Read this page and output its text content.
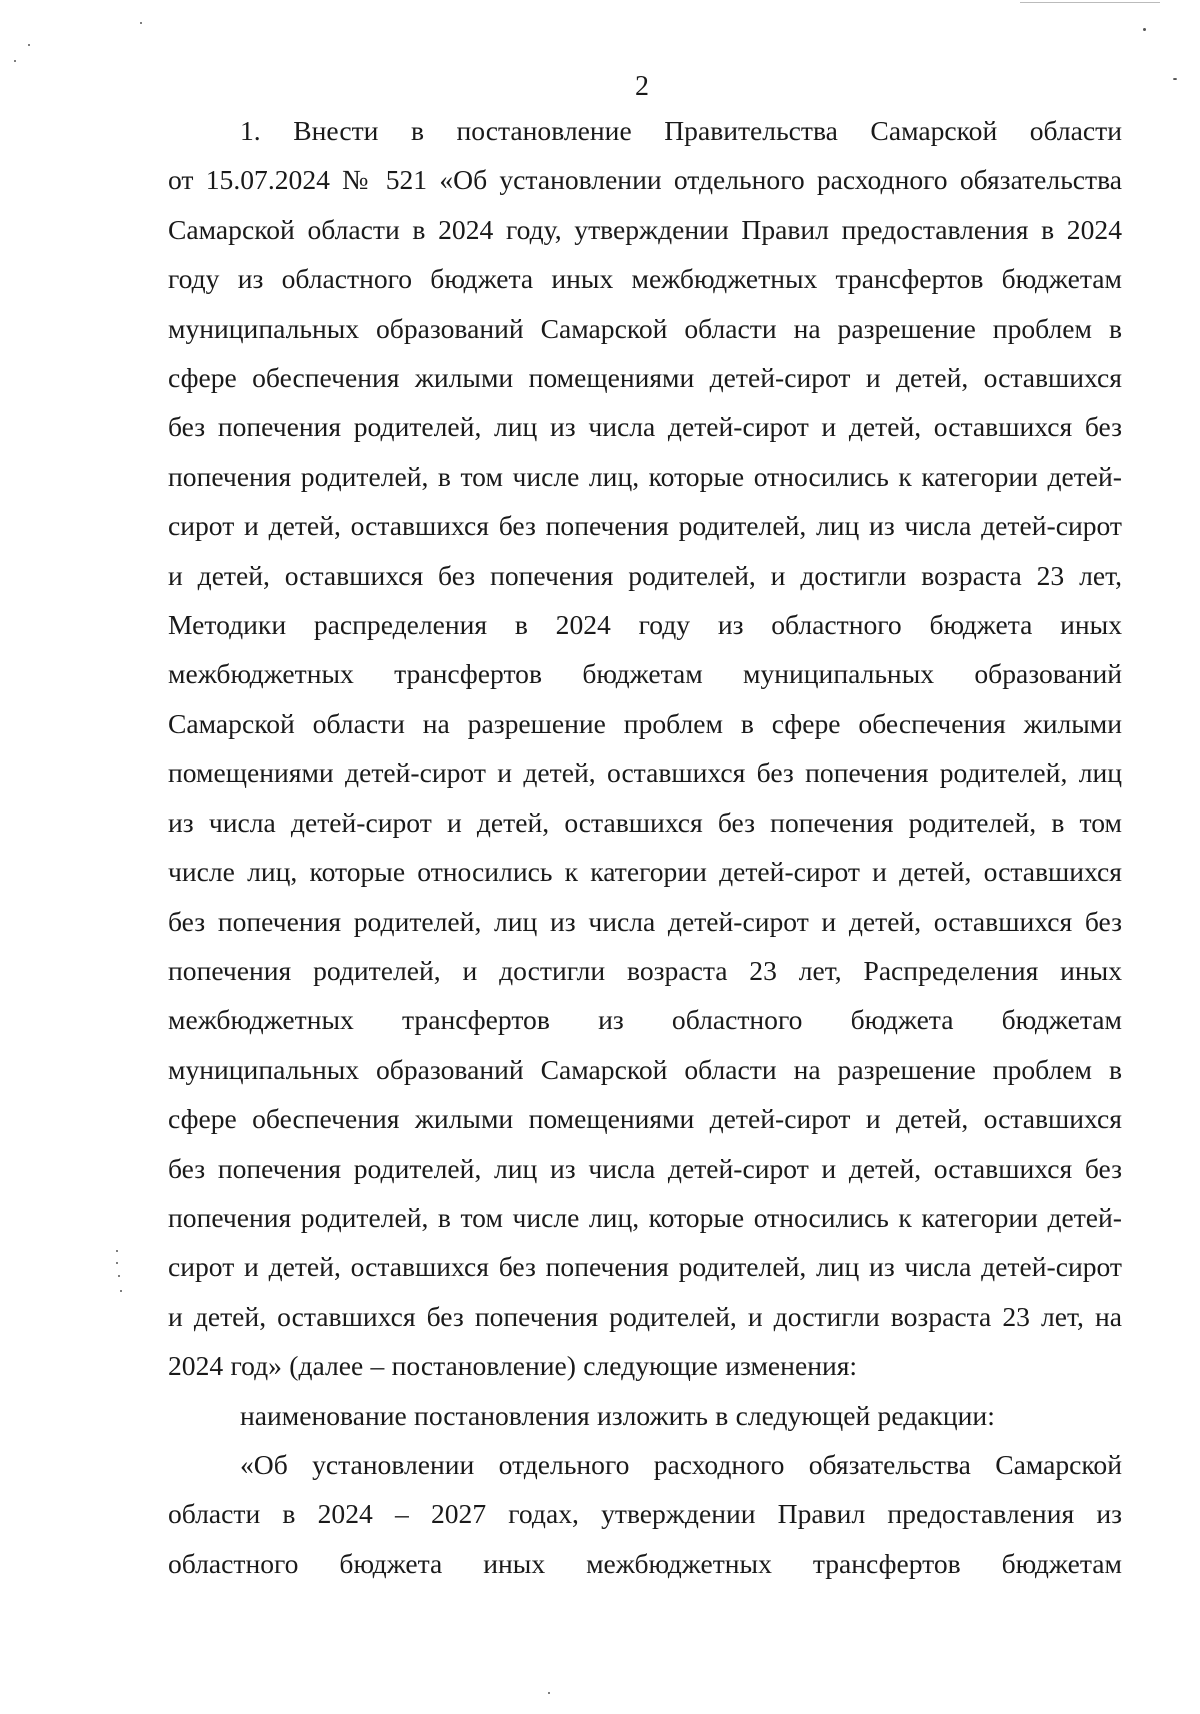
2
1. Внести в постановление Правительства Самарской области
от 15.07.2024 № 521 «Об установлении отдельного расходного обязательства
Самарской области в 2024 году, утверждении Правил предоставления в 2024
году из областного бюджета иных межбюджетных трансфертов бюджетам
муниципальных образований Самарской области на разрешение проблем в
сфере обеспечения жилыми помещениями детей-сирот и детей, оставшихся
без попечения родителей, лиц из числа детей-сирот и детей, оставшихся без
попечения родителей, в том числе лиц, которые относились к категории детей-
сирот и детей, оставшихся без попечения родителей, лиц из числа детей-сирот
и детей, оставшихся без попечения родителей, и достигли возраста 23 лет,
Методики распределения в 2024 году из областного бюджета иных
межбюджетных трансфертов бюджетам муниципальных образований
Самарской области на разрешение проблем в сфере обеспечения жилыми
помещениями детей-сирот и детей, оставшихся без попечения родителей, лиц
из числа детей-сирот и детей, оставшихся без попечения родителей, в том
числе лиц, которые относились к категории детей-сирот и детей, оставшихся
без попечения родителей, лиц из числа детей-сирот и детей, оставшихся без
попечения родителей, и достигли возраста 23 лет, Распределения иных
межбюджетных трансфертов из областного бюджета бюджетам
муниципальных образований Самарской области на разрешение проблем в
сфере обеспечения жилыми помещениями детей-сирот и детей, оставшихся
без попечения родителей, лиц из числа детей-сирот и детей, оставшихся без
попечения родителей, в том числе лиц, которые относились к категории детей-
сирот и детей, оставшихся без попечения родителей, лиц из числа детей-сирот
и детей, оставшихся без попечения родителей, и достигли возраста 23 лет, на
2024 год» (далее – постановление) следующие изменения:
наименование постановления изложить в следующей редакции:
«Об установлении отдельного расходного обязательства Самарской
области в 2024 – 2027 годах, утверждении Правил предоставления из
областного бюджета иных межбюджетных трансфертов бюджетам
